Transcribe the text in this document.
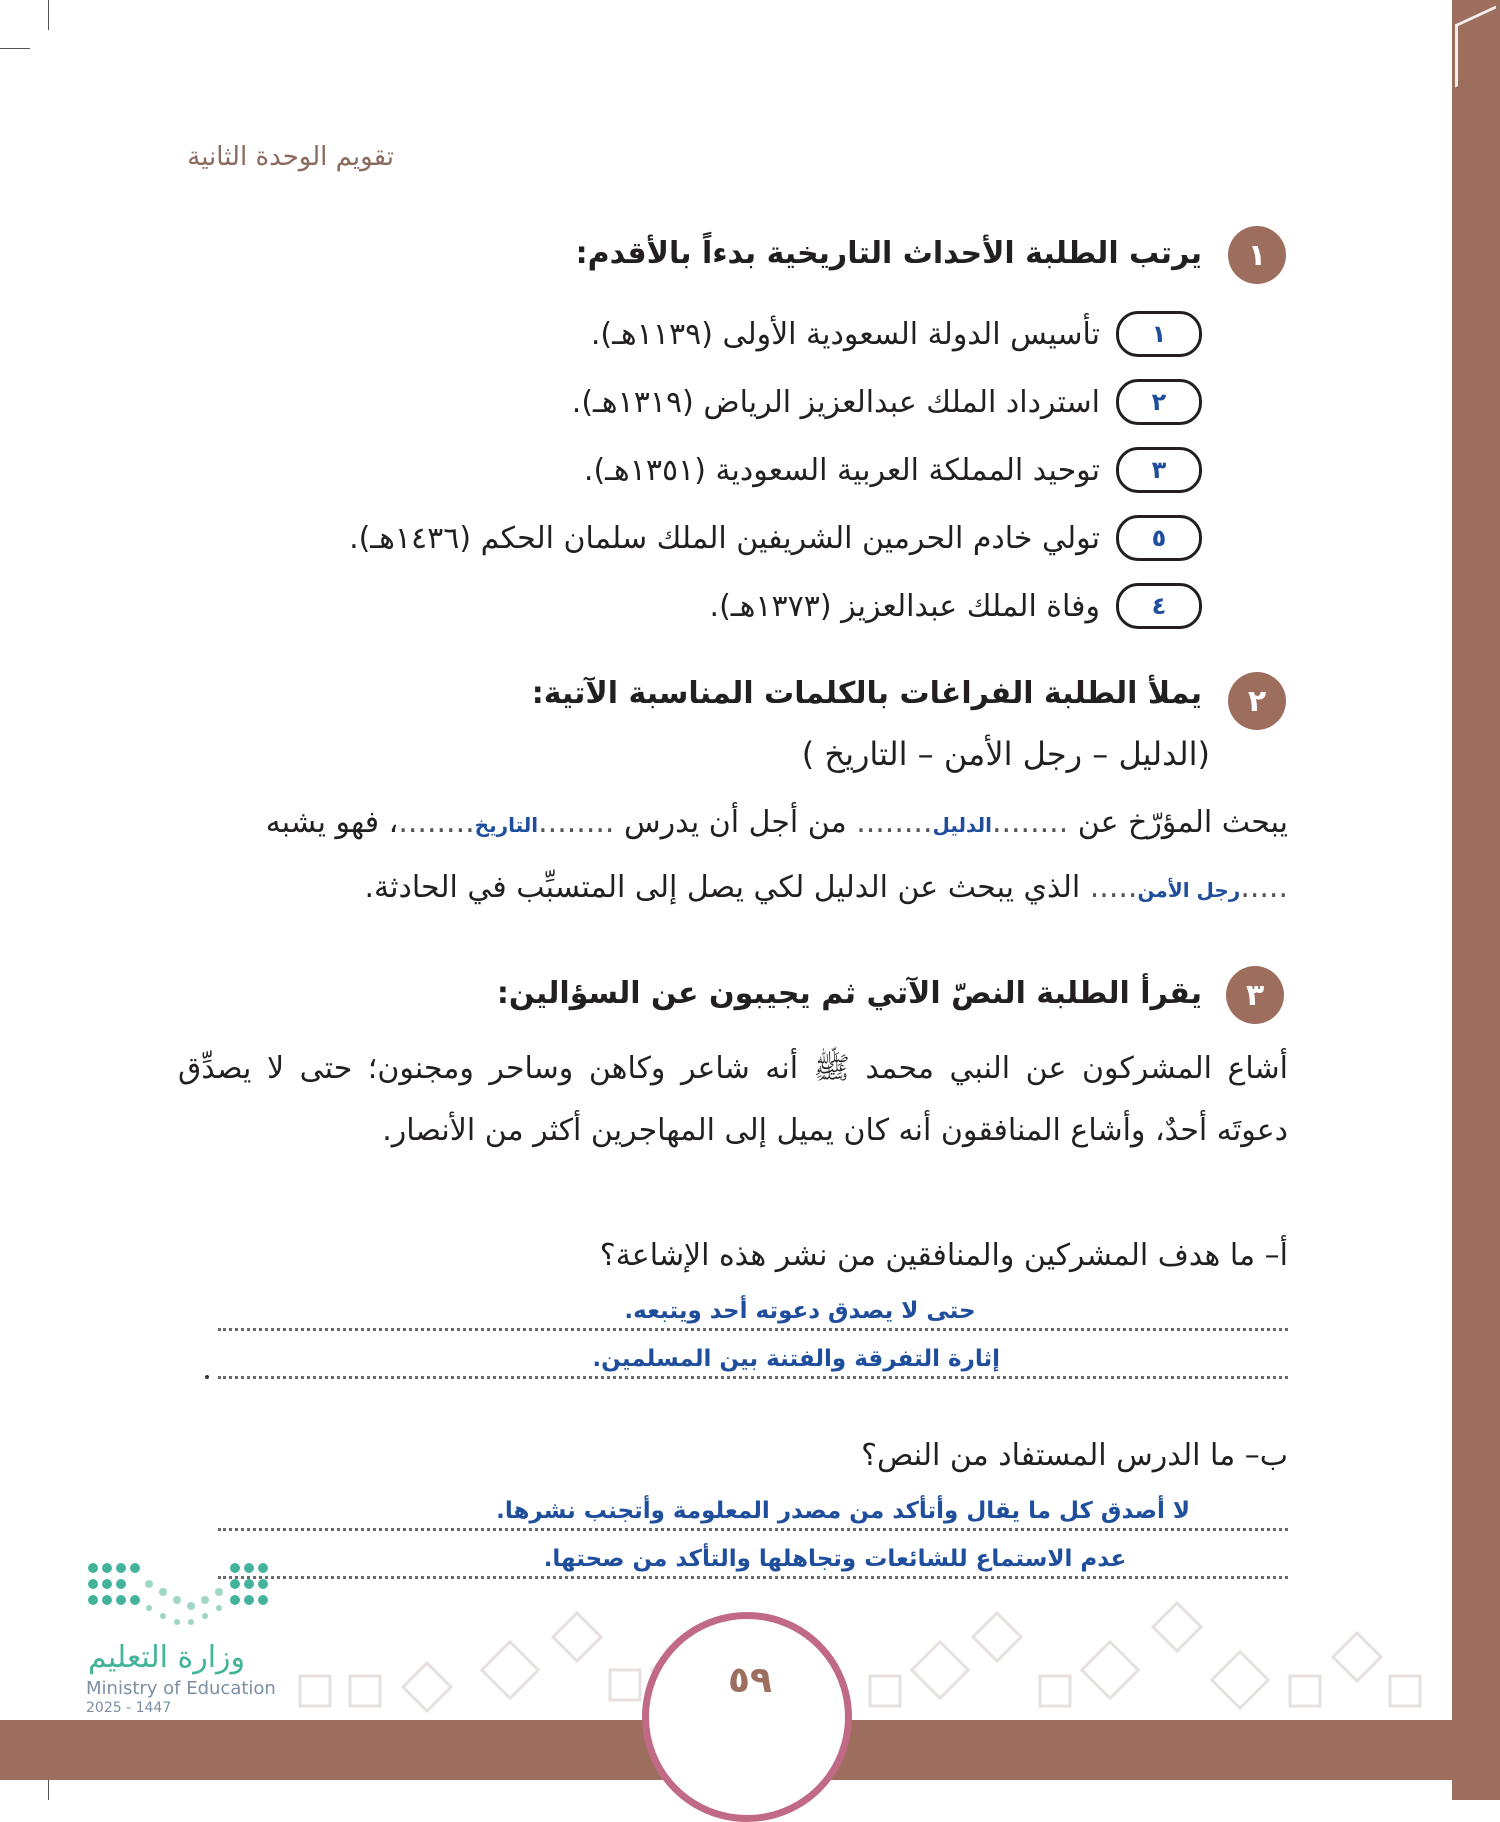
تقويم الوحدة الثانية
١
يرتب الطلبة الأحداث التاريخية بدءاً بالأقدم:
١
تأسيس الدولة السعودية الأولى (١١٣٩هـ).
٢
استرداد الملك عبدالعزيز الرياض (١٣١٩هـ).
٣
توحيد المملكة العربية السعودية (١٣٥١هـ).
٥
تولي خادم الحرمين الشريفين الملك سلمان الحكم (١٤٣٦هـ).
٤
وفاة الملك عبدالعزيز (١٣٧٣هـ).
٢
يملأ الطلبة الفراغات بالكلمات المناسبة الآتية:
(الدليل – رجل الأمن – التاريخ )
يبحث المؤرّخ عن ........الدليل........ من أجل أن يدرس ........التاريخ........، فهو يشبه
.....رجل الأمن..... الذي يبحث عن الدليل لكي يصل إلى المتسبِّب في الحادثة.
٣
يقرأ الطلبة النصّ الآتي ثم يجيبون عن السؤالين:
أشاع المشركون عن النبي محمد ﷺ أنه شاعر وكاهن وساحر ومجنون؛ حتى لا يصدِّق دعوتَه أحدٌ، وأشاع المنافقون أنه كان يميل إلى المهاجرين أكثر من الأنصار.
أ– ما هدف المشركين والمنافقين من نشر هذه الإشاعة؟
حتى لا يصدق دعوته أحد ويتبعه.
إثارة التفرقة والفتنة بين المسلمين.
ب– ما الدرس المستفاد من النص؟
لا أصدق كل ما يقال وأتأكد من مصدر المعلومة وأتجنب نشرها.
عدم الاستماع للشائعات وتجاهلها والتأكد من صحتها.
وزارة التعليم
Ministry of Education
2025 - 1447
٥٩
